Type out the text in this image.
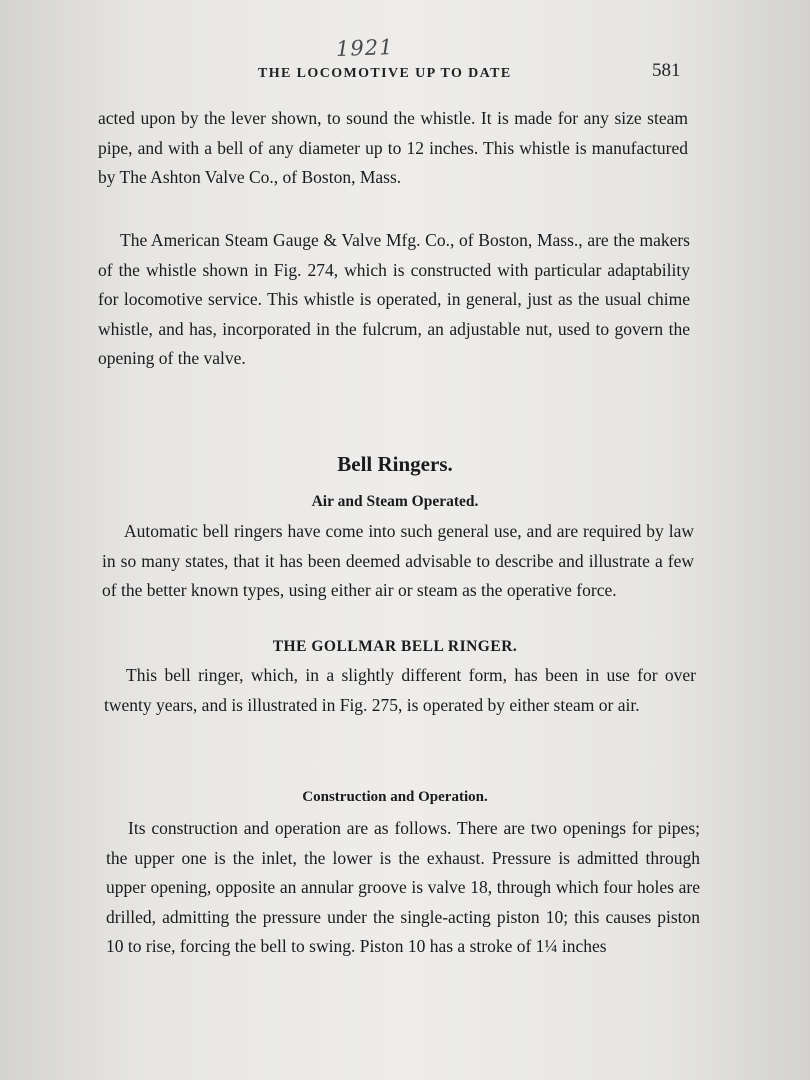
1921
THE LOCOMOTIVE UP TO DATE	581

acted upon by the lever shown, to sound the whistle. It is made for any size steam pipe, and with a bell of any diameter up to 12 inches. This whistle is manufactured by The Ashton Valve Co., of Boston, Mass.

The American Steam Gauge & Valve Mfg. Co., of Boston, Mass., are the makers of the whistle shown in Fig. 274, which is constructed with particular adaptability for locomotive service. This whistle is operated, in general, just as the usual chime whistle, and has, incorporated in the fulcrum, an adjustable nut, used to govern the opening of the valve.

Bell Ringers.
Air and Steam Operated.

Automatic bell ringers have come into such general use, and are required by law in so many states, that it has been deemed advisable to describe and illustrate a few of the better known types, using either air or steam as the operative force.

THE GOLLMAR BELL RINGER.

This bell ringer, which, in a slightly different form, has been in use for over twenty years, and is illustrated in Fig. 275, is operated by either steam or air.

Construction and Operation.

Its construction and operation are as follows. There are two openings for pipes; the upper one is the inlet, the lower is the exhaust. Pressure is admitted through upper opening, opposite an annular groove is valve 18, through which four holes are drilled, admitting the pressure under the single-acting piston 10; this causes piston 10 to rise, forcing the bell to swing. Piston 10 has a stroke of 1¼ inches
